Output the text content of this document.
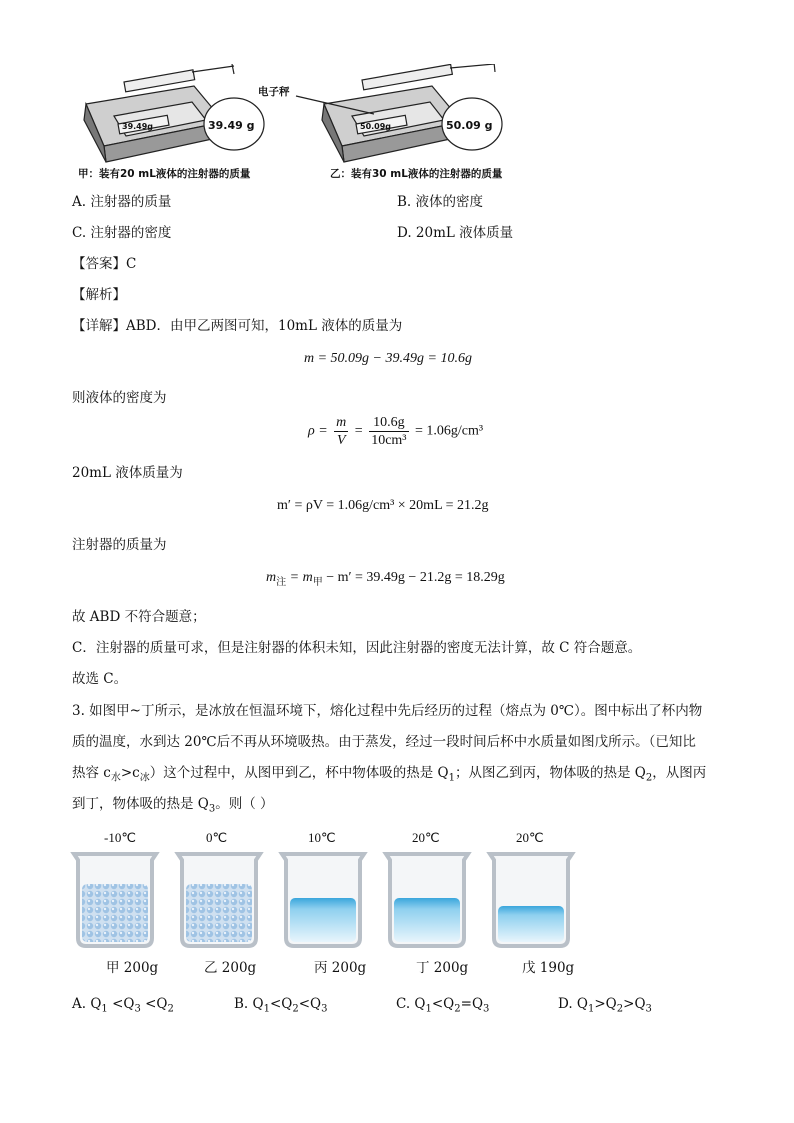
39.49g	39.49 g	50.09g	50.09 g
电子秤
甲：装有20 mL液体的注射器的质量	乙：装有30 mL液体的注射器的质量
A. 注射器的质量	B. 液体的密度
C. 注射器的密度	D. 20mL 液体质量
【答案】C
【解析】
【详解】ABD．由甲乙两图可知，10mL 液体的质量为
m = 50.09g − 39.49g = 10.6g
则液体的密度为
$\rho = \frac{m}{V} = \frac{10.6g}{\text{10cm³}} = 1.06g/cm^3$
20mL 液体质量为
m′ = ρV = 1.06g/cm³ × 20mL = 21.2g
注射器的质量为
$m_注 = m_甲 - m' = 39.49g - 21.2g = 18.29g$
故 ABD 不符合题意；
C．注射器的质量可求，但是注射器的体积未知，因此注射器的密度无法计算，故 C 符合题意。
故选 C。
3. 如图甲~丁所示，是冰放在恒温环境下，熔化过程中先后经历的过程（熔点为 0℃）。图中标出了杯内物
质的温度，水到达 20℃后不再从环境吸热。由于蒸发，经过一段时间后杯中水质量如图戊所示。（已知比
热容 $c_水>c_冰$）这个过程中，从图甲到乙，杯中物体吸的热是 $Q_1$；从图乙到丙，物体吸的热是 $Q_2$，从图丙
到丁，物体吸的热是 $Q_3$。则（ ）
-10℃	0℃	10℃	20℃	20℃
甲 200g	乙 200g	丙 200g	丁 200g	戊 190g
A. $Q_1 <Q_3 <Q_2$	B. $Q_1<Q_2<Q_3$	C. $Q_1<Q_2=Q_3$	D. $Q_1>Q_2>Q_3$
